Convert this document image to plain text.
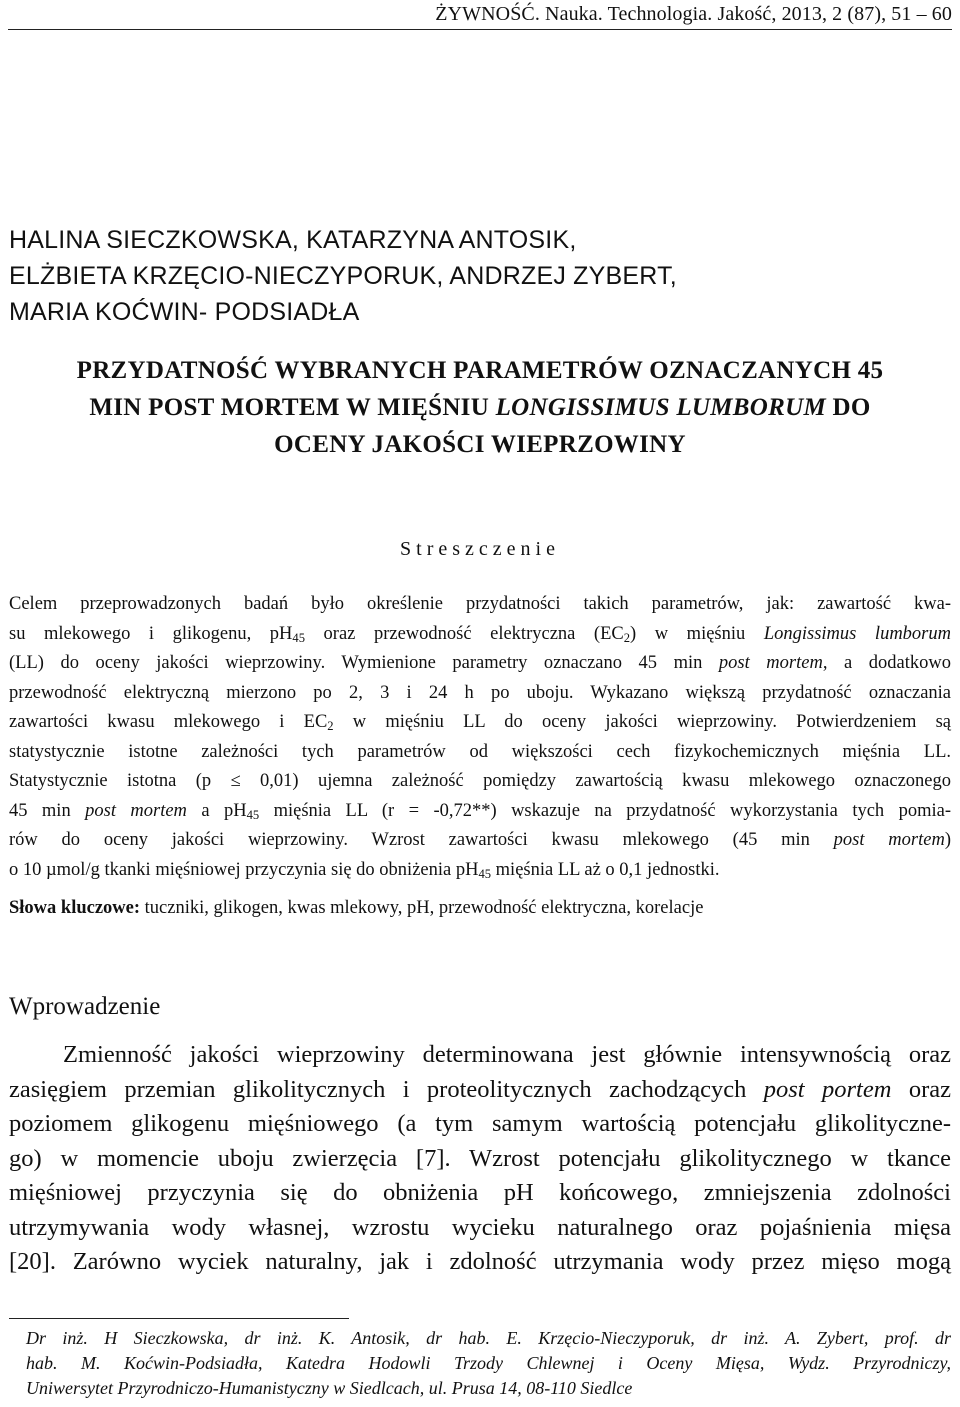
ŻYWNOŚĆ. Nauka. Technologia. Jakość, 2013, 2 (87), 51 – 60
HALINA SIECZKOWSKA, KATARZYNA ANTOSIK,
ELŻBIETA KRZĘCIO-NIECZYPORUK, ANDRZEJ ZYBERT,
MARIA KOĆWIN- PODSIADŁA
PRZYDATNOŚĆ WYBRANYCH PARAMETRÓW OZNACZANYCH 45
MIN POST MORTEM W MIĘŚNIU LONGISSIMUS LUMBORUM DO
OCENY JAKOŚCI WIEPRZOWINY
Streszczenie
Celem przeprowadzonych badań było określenie przydatności takich parametrów, jak: zawartość kwa-
su mlekowego i glikogenu, $pH_{45}$ oraz przewodność elektryczna $(EC_2)$ w mięśniu Longissimus lumborum
(LL) do oceny jakości wieprzowiny. Wymienione parametry oznaczano 45 min post mortem, a dodatkowo
przewodność elektryczną mierzono po 2, 3 i 24 h po uboju. Wykazano większą przydatność oznaczania
zawartości kwasu mlekowego i $EC_2$ w mięśniu LL do oceny jakości wieprzowiny. Potwierdzeniem są
statystycznie istotne zależności tych parametrów od większości cech fizykochemicznych mięśnia LL.
Statystycznie istotna (p ≤ 0,01) ujemna zależność pomiędzy zawartością kwasu mlekowego oznaczonego
45 min post mortem a $pH_{45}$ mięśnia LL (r = -0,72**) wskazuje na przydatność wykorzystania tych pomia-
rów do oceny jakości wieprzowiny. Wzrost zawartości kwasu mlekowego (45 min post mortem)
o 10 µmol/g tkanki mięśniowej przyczynia się do obniżenia $pH_{45}$ mięśnia LL aż o 0,1 jednostki.
Słowa kluczowe: tuczniki, glikogen, kwas mlekowy, pH, przewodność elektryczna, korelacje
Wprowadzenie
Zmienność jakości wieprzowiny determinowana jest głównie intensywnością oraz
zasięgiem przemian glikolitycznych i proteolitycznych zachodzących post portem oraz
poziomem glikogenu mięśniowego (a tym samym wartością potencjału glikolityczne-
go) w momencie uboju zwierzęcia [7]. Wzrost potencjału glikolitycznego w tkance
mięśniowej przyczynia się do obniżenia pH końcowego, zmniejszenia zdolności
utrzymywania wody własnej, wzrostu wycieku naturalnego oraz pojaśnienia mięsa
[20]. Zarówno wyciek naturalny, jak i zdolność utrzymania wody przez mięso mogą
Dr inż. H Sieczkowska, dr inż. K. Antosik, dr hab. E. Krzęcio-Nieczyporuk, dr inż. A. Zybert, prof. dr
hab. M. Koćwin-Podsiadła, Katedra Hodowli Trzody Chlewnej i Oceny Mięsa, Wydz. Przyrodniczy,
Uniwersytet Przyrodniczo-Humanistyczny w Siedlcach, ul. Prusa 14, 08-110 Siedlce
